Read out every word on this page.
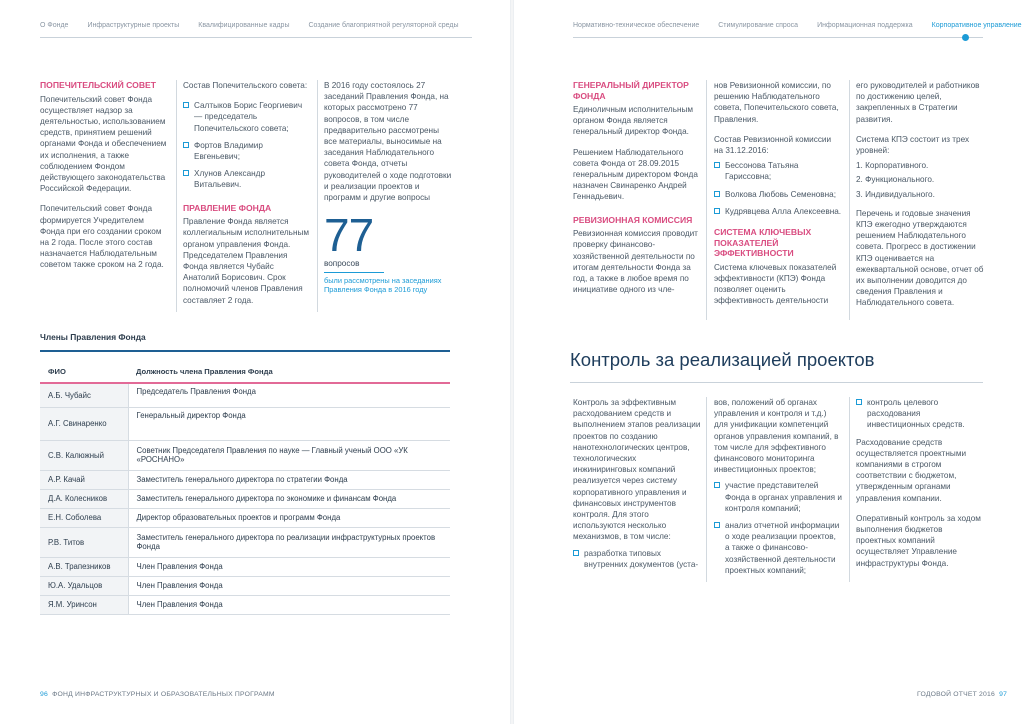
О Фонде	Инфраструктурные проекты	Квалифицированные кадры	Создание благоприятной регуляторной среды	Нормативно-техническое обеспечение	Стимулирование спроса	Информационная поддержка	Корпоративное управление
ПОПЕЧИТЕЛЬСКИЙ СОВЕТ

Попечительский совет Фонда осуществляет надзор за деятельностью, использованием средств, принятием решений органами Фонда и обеспечением их исполнения, а также соблюдением Фондом действующего законодательства Российской Федерации.

Попечительский совет Фонда формируется Учредителем Фонда при его создании сроком на 2 года. После этого состав назначается Наблюдательным советом также сроком на 2 года.

Состав Попечительского совета:

Салтыков Борис Георгиевич — председатель Попечительского совета;
Фортов Владимир Евгеньевич;
Хлунов Александр Витальевич.
ПРАВЛЕНИЕ ФОНДА

Правление Фонда является коллегиальным исполнительным органом управления Фонда. Председателем Правления Фонда является Чубайс Анатолий Борисович. Срок полномочий членов Правления составляет 2 года.

В 2016 году состоялось 27 заседаний Правления Фонда, на которых рассмотрено 77 вопросов, в том числе предварительно рассмотрены все материалы, выносимые на заседания Наблюдательного совета Фонда, отчеты руководителей о ходе подготовки и реализации проектов и программ и другие вопросы

77
вопросов
были рассмотрены на заседаниях Правления Фонда в 2016 году
Члены Правления Фонда
ФИО	Должность члена Правления Фонда
А.Б. Чубайс	Председатель Правления Фонда
А.Г. Свинаренко	Генеральный директор Фонда
С.В. Калюжный	Советник Председателя Правления по науке — Главный ученый ООО «УК «РОСНАНО»
А.Р. Качай	Заместитель генерального директора по стратегии Фонда
Д.А. Колесников	Заместитель генерального директора по экономике и финансам Фонда
Е.Н. Соболева	Директор образовательных проектов и программ Фонда
Р.В. Титов	Заместитель генерального директора по реализации инфраструктурных проектов Фонда
А.В. Трапезников	Член Правления Фонда
Ю.А. Удальцов	Член Правления Фонда
Я.М. Уринсон	Член Правления Фонда
96 ФОНД ИНФРАСТРУКТУРНЫХ И ОБРАЗОВАТЕЛЬНЫХ ПРОГРАММ
ГЕНЕРАЛЬНЫЙ ДИРЕКТОР ФОНДА

Единоличным исполнительным органом Фонда является генеральный директор Фонда.

Решением Наблюдательного совета Фонда от 28.09.2015 генеральным директором Фонда назначен Свинаренко Андрей Геннадьевич.

РЕВИЗИОННАЯ КОМИССИЯ

Ревизионная комиссия проводит проверку финансово-хозяйственной деятельности по итогам деятельности Фонда за год, а также в любое время по инициативе одного из чле-

нов Ревизионной комиссии, по решению Наблюдательного совета, Попечительского совета, Правления.

Состав Ревизионной комиссии на 31.12.2016:

Бессонова Татьяна Гариссовна;
Волкова Любовь Семеновна;
Кудрявцева Алла Алексеевна.
СИСТЕМА КЛЮЧЕВЫХ ПОКАЗАТЕЛЕЙ ЭФФЕКТИВНОСТИ

Система ключевых показателей эффективности (КПЭ) Фонда позволяет оценить эффективность деятельности

его руководителей и работников по достижению целей, закрепленных в Стратегии развития.

Система КПЭ состоит из трех уровней:

1. Корпоративного.
2. Функционального.
3. Индивидуального.

Перечень и годовые значения КПЭ ежегодно утверждаются решением Наблюдательного совета. Прогресс в достижении КПЭ оценивается на ежеквартальной основе, отчет об их выполнении доводится до сведения Правления и Наблюдательного совета.

Контроль за реализацией проектов

Контроль за эффективным расходованием средств и выполнением этапов реализации проектов по созданию нанотехнологических центров, технологических инжиниринговых компаний реализуется через систему корпоративного управления и финансовых инструментов контроля. Для этого используются несколько механизмов, в том числе:

разработка типовых внутренних документов (уста-

вов, положений об органах управления и контроля и т.д.) для унификации компетенций органов управления компаний, в том числе для эффективного финансового мониторинга инвестиционных проектов;

участие представителей Фонда в органах управления и контроля компаний;
анализ отчетной информации о ходе реализации проектов, а также о финансово-хозяйственной деятельности проектных компаний;
контроль целевого расходования инвестиционных средств.

Расходование средств осуществляется проектными компаниями в строгом соответствии с бюджетом, утвержденным органами управления компании.

Оперативный контроль за ходом выполнения бюджетов проектных компаний осуществляет Управление инфраструктуры Фонда.

ГОДОВОЙ ОТЧЕТ 2016 97
